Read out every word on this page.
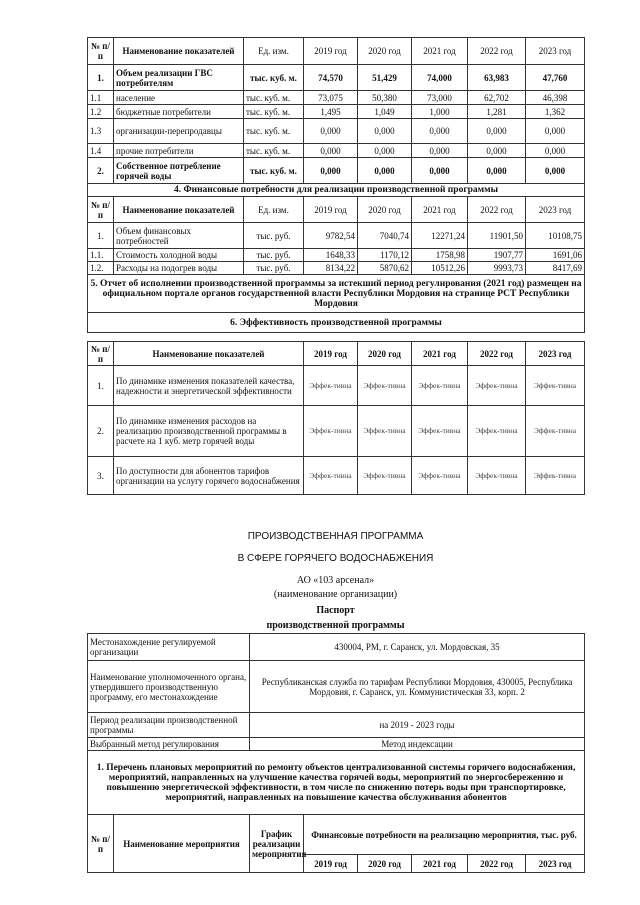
№ п/п	Наименование показателей	Ед. изм.	2019 год	2020 год	2021 год	2022 год	2023 год
1.	Объем реализации ГВС потребителям	тыс. куб. м.	74,570	51,429	74,000	63,983	47,760
1.1	население	тыс. куб. м.	73,075	50,380	73,000	62,702	46,398
1.2	бюджетные потребители	тыс. куб. м.	1,495	1,049	1,000	1,281	1,362
1.3	организации-перепродавцы	тыс. куб. м.	0,000	0,000	0,000	0,000	0,000
1.4	прочие потребители	тыс. куб. м.	0,000	0,000	0,000	0,000	0,000
2.	Собственное потребление горячей воды	тыс. куб. м.	0,000	0,000	0,000	0,000	0,000
4. Финансовые потребности для реализации производственной программы							
№ п/п	Наименование показателей	Ед. изм.	2019 год	2020 год	2021 год	2022 год	2023 год
1.	Объем финансовых потребностей	тыс. руб.	9782,54	7040,74	12271,24	11901,50	10108,75
1.1.	Стоимость холодной воды	тыс. руб.	1648,33	1170,12	1758,98	1907,77	1691,06
1.2.	Расходы на подогрев воды	тыс. руб.	8134,22	5870,62	10512,26	9993,73	8417,69
5. Отчет об исполнении производственной программы за истекший период регулирования (2021 год) размещен на официальном портале органов государственной власти Республики Мордовия на странице РСТ Республики Мордовия							
6. Эффективность производственной программы							
№ п/п	Наименование показателей	2019 год	2020 год	2021 год	2022 год	2023 год
1.	По динамике изменения показателей качества, надежности и энергетической эффективности	Эффек-тивна	Эффек-тивна	Эффек-тивна	Эффек-тивна	Эффек-тивна
2.	По динамике изменения расходов на реализацию производственной программы в расчете на 1 куб. метр горячей воды	Эффек-тивна	Эффек-тивна	Эффек-тивна	Эффек-тивна	Эффек-тивна
3.	По доступности для абонентов тарифов организации на услугу горячего водоснабжения	Эффек-тивна	Эффек-тивна	Эффек-тивна	Эффек-тивна	Эффек-тивна
ПРОИЗВОДСТВЕННАЯ ПРОГРАММА
В СФЕРЕ ГОРЯЧЕГО ВОДОСНАБЖЕНИЯ
АО «103 арсенал»
(наименование организации)
Паспорт
производственной программы
Местонахождение регулируемой организации		430004, РМ, г. Саранск, ул. Мордовская, 35					
Наименование уполномоченного органа, утвердившего производственную программу, его местонахождение		Республиканская служба по тарифам Республики Мордовия, 430005, Республика Мордовия, г. Саранск, ул. Коммунистическая 33, корп. 2					
Период реализации производственной программы		на 2019 - 2023 годы					
Выбранный метод регулирования		Метод индексации					
1. Перечень плановых мероприятий по ремонту объектов централизованной системы горячего водоснабжения, мероприятий, направленных на улучшение качества горячей воды, мероприятий по энергосбережению и повышению энергетической эффективности, в том числе по снижению потерь воды при транспортировке, мероприятий, направленных на повышение качества обслуживания абонентов							
№ п/п	Наименование мероприятия	График реализации мероприятия	Финансовые потребности на реализацию мероприятия, тыс. руб.				
			2019 год	2020 год	2021 год	2022 год	2023 год
